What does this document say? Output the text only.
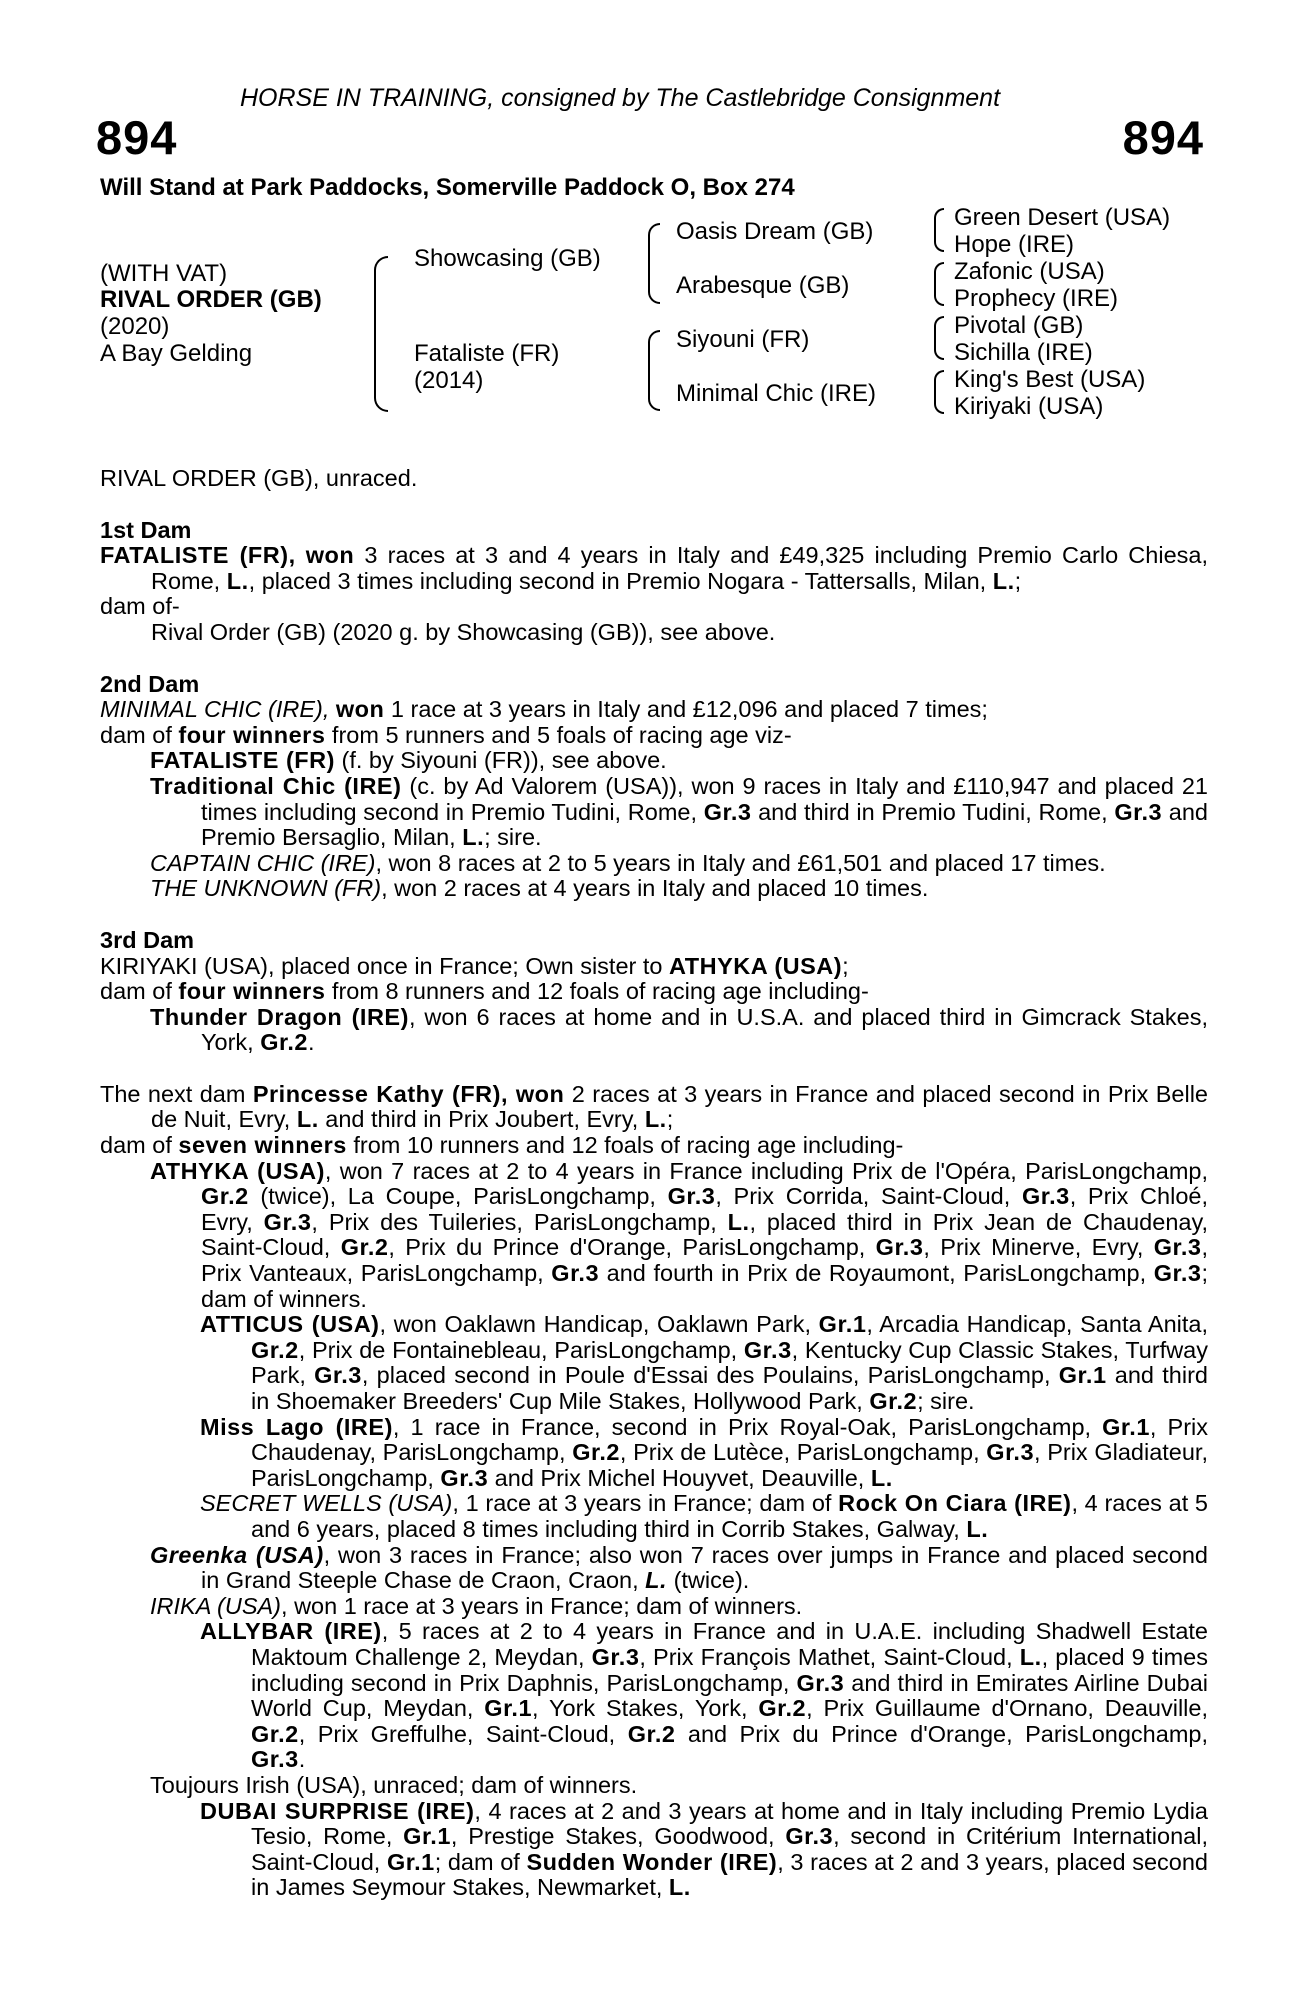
HORSE IN TRAINING, consigned by The Castlebridge Consignment
894	894
Will Stand at Park Paddocks, Somerville Paddock O, Box 274
(WITH VAT)
RIVAL ORDER (GB)
(2020)
A Bay Gelding
Showcasing (GB)
Fataliste (FR)
(2014)
Oasis Dream (GB)
Arabesque (GB)
Siyouni (FR)
Minimal Chic (IRE)
Green Desert (USA)
Hope (IRE)
Zafonic (USA)
Prophecy (IRE)
Pivotal (GB)
Sichilla (IRE)
King's Best (USA)
Kiriyaki (USA)

RIVAL ORDER (GB), unraced.

1st Dam

FATALISTE (FR), won 3 races at 3 and 4 years in Italy and £49,325 including Premio Carlo Chiesa, Rome, L., placed 3 times including second in Premio Nogara - Tattersalls, Milan, L.;

dam of-

Rival Order (GB) (2020 g. by Showcasing (GB)), see above.

2nd Dam

MINIMAL CHIC (IRE), won 1 race at 3 years in Italy and £12,096 and placed 7 times;

dam of four winners from 5 runners and 5 foals of racing age viz-

FATALISTE (FR) (f. by Siyouni (FR)), see above.

Traditional Chic (IRE) (c. by Ad Valorem (USA)), won 9 races in Italy and £110,947 and placed 21 times including second in Premio Tudini, Rome, Gr.3 and third in Premio Tudini, Rome, Gr.3 and Premio Bersaglio, Milan, L.; sire.

CAPTAIN CHIC (IRE), won 8 races at 2 to 5 years in Italy and £61,501 and placed 17 times.

THE UNKNOWN (FR), won 2 races at 4 years in Italy and placed 10 times.

3rd Dam

KIRIYAKI (USA), placed once in France; Own sister to ATHYKA (USA);

dam of four winners from 8 runners and 12 foals of racing age including-

Thunder Dragon (IRE), won 6 races at home and in U.S.A. and placed third in Gimcrack Stakes, York, Gr.2.

The next dam Princesse Kathy (FR), won 2 races at 3 years in France and placed second in Prix Belle de Nuit, Evry, L. and third in Prix Joubert, Evry, L.;

dam of seven winners from 10 runners and 12 foals of racing age including-

ATHYKA (USA), won 7 races at 2 to 4 years in France including Prix de l'Opéra, ParisLongchamp, Gr.2 (twice), La Coupe, ParisLongchamp, Gr.3, Prix Corrida, Saint-Cloud, Gr.3, Prix Chloé, Evry, Gr.3, Prix des Tuileries, ParisLongchamp, L., placed third in Prix Jean de Chaudenay, Saint-Cloud, Gr.2, Prix du Prince d'Orange, ParisLongchamp, Gr.3, Prix Minerve, Evry, Gr.3, Prix Vanteaux, ParisLongchamp, Gr.3 and fourth in Prix de Royaumont, ParisLongchamp, Gr.3; dam of winners.

ATTICUS (USA), won Oaklawn Handicap, Oaklawn Park, Gr.1, Arcadia Handicap, Santa Anita, Gr.2, Prix de Fontainebleau, ParisLongchamp, Gr.3, Kentucky Cup Classic Stakes, Turfway Park, Gr.3, placed second in Poule d'Essai des Poulains, ParisLongchamp, Gr.1 and third in Shoemaker Breeders' Cup Mile Stakes, Hollywood Park, Gr.2; sire.

Miss Lago (IRE), 1 race in France, second in Prix Royal-Oak, ParisLongchamp, Gr.1, Prix Chaudenay, ParisLongchamp, Gr.2, Prix de Lutèce, ParisLongchamp, Gr.3, Prix Gladiateur, ParisLongchamp, Gr.3 and Prix Michel Houyvet, Deauville, L.

SECRET WELLS (USA), 1 race at 3 years in France; dam of Rock On Ciara (IRE), 4 races at 5 and 6 years, placed 8 times including third in Corrib Stakes, Galway, L.

Greenka (USA), won 3 races in France; also won 7 races over jumps in France and placed second in Grand Steeple Chase de Craon, Craon, L. (twice).

IRIKA (USA), won 1 race at 3 years in France; dam of winners.

ALLYBAR (IRE), 5 races at 2 to 4 years in France and in U.A.E. including Shadwell Estate Maktoum Challenge 2, Meydan, Gr.3, Prix François Mathet, Saint-Cloud, L., placed 9 times including second in Prix Daphnis, ParisLongchamp, Gr.3 and third in Emirates Airline Dubai World Cup, Meydan, Gr.1, York Stakes, York, Gr.2, Prix Guillaume d'Ornano, Deauville, Gr.2, Prix Greffulhe, Saint-Cloud, Gr.2 and Prix du Prince d'Orange, ParisLongchamp, Gr.3.

Toujours Irish (USA), unraced; dam of winners.

DUBAI SURPRISE (IRE), 4 races at 2 and 3 years at home and in Italy including Premio Lydia Tesio, Rome, Gr.1, Prestige Stakes, Goodwood, Gr.3, second in Critérium International, Saint-Cloud, Gr.1; dam of Sudden Wonder (IRE), 3 races at 2 and 3 years, placed second in James Seymour Stakes, Newmarket, L.
